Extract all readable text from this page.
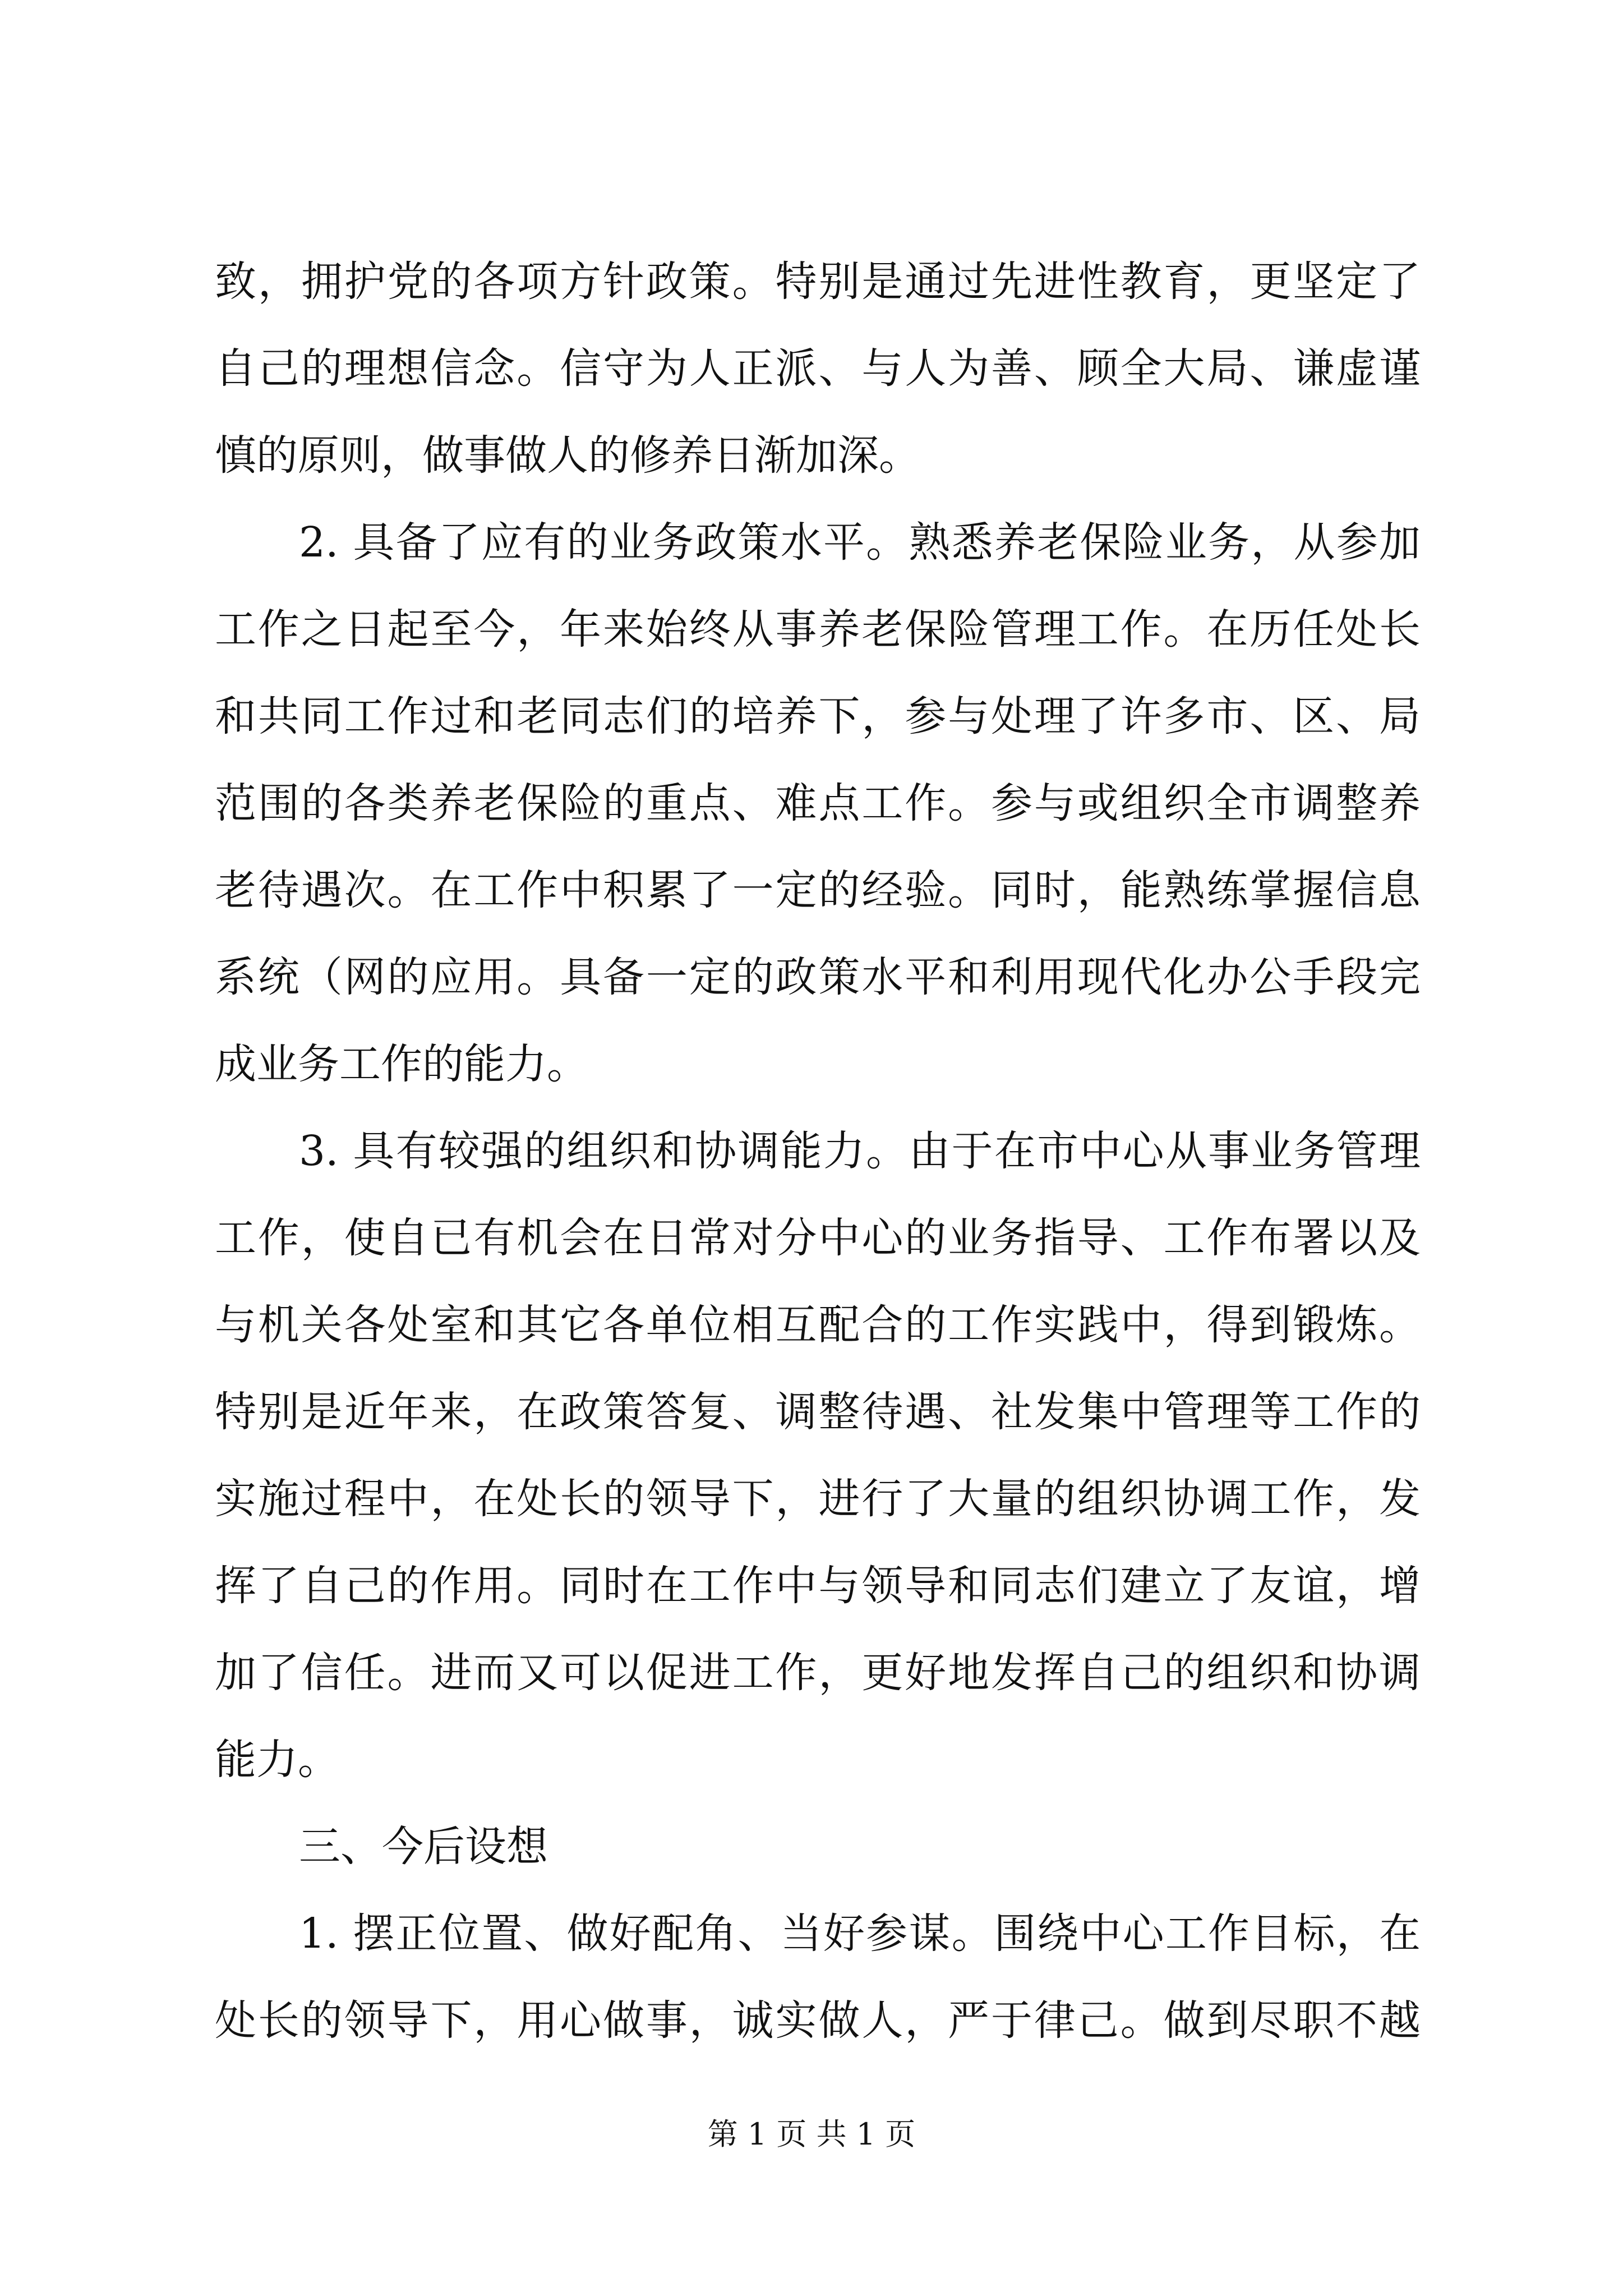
致，拥护党的各项方针政策。特别是通过先进性教育，更坚定了
自己的理想信念。信守为人正派、与人为善、顾全大局、谦虚谨
慎的原则，做事做人的修养日渐加深。
2. 具备了应有的业务政策水平。熟悉养老保险业务，从参加
工作之日起至今，年来始终从事养老保险管理工作。在历任处长
和共同工作过和老同志们的培养下，参与处理了许多市、区、局
范围的各类养老保险的重点、难点工作。参与或组织全市调整养
老待遇次。在工作中积累了一定的经验。同时，能熟练掌握信息
系统（网的应用。具备一定的政策水平和利用现代化办公手段完
成业务工作的能力。
3. 具有较强的组织和协调能力。由于在市中心从事业务管理
工作，使自已有机会在日常对分中心的业务指导、工作布署以及
与机关各处室和其它各单位相互配合的工作实践中，得到锻炼。
特别是近年来，在政策答复、调整待遇、社发集中管理等工作的
实施过程中，在处长的领导下，进行了大量的组织协调工作，发
挥了自己的作用。同时在工作中与领导和同志们建立了友谊，增
加了信任。进而又可以促进工作，更好地发挥自己的组织和协调
能力。
三、今后设想
1. 摆正位置、做好配角、当好参谋。围绕中心工作目标，在
处长的领导下，用心做事，诚实做人，严于律己。做到尽职不越
第 1 页 共 1 页
